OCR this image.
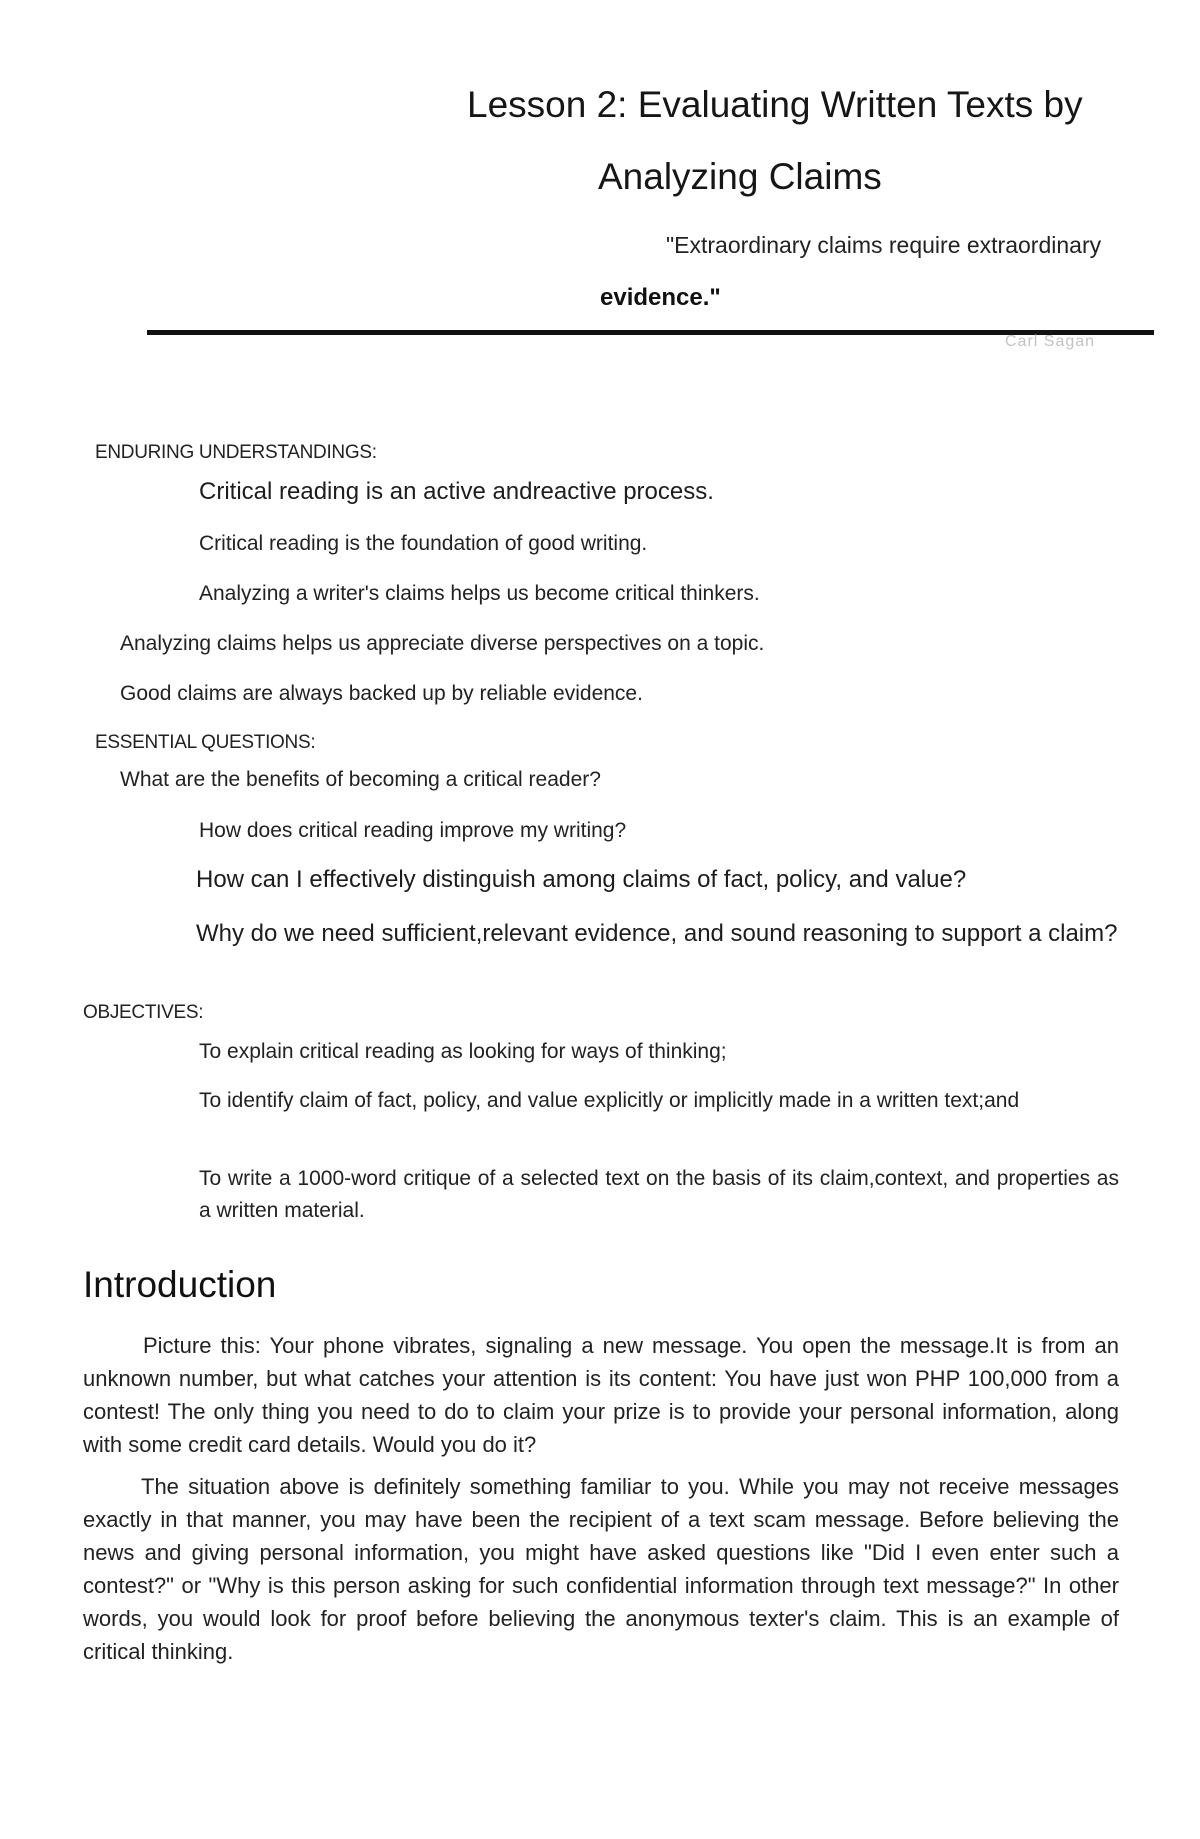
Lesson 2: Evaluating Written Texts by
Analyzing Claims
"Extraordinary claims require extraordinary
evidence."
Carl Sagan
ENDURING UNDERSTANDINGS:
Critical reading is an active andreactive process.
Critical reading is the foundation of good writing.
Analyzing a writer's claims helps us become critical thinkers.
Analyzing claims helps us appreciate diverse perspectives on a topic.
Good claims are always backed up by reliable evidence.
ESSENTIAL QUESTIONS:
What are the benefits of becoming a critical reader?
How does critical reading improve my writing?
How can I effectively distinguish among claims of fact, policy, and value?
Why do we need sufficient,relevant evidence, and sound reasoning to support a claim?
OBJECTIVES:
To explain critical reading as looking for ways of thinking;
To identify claim of fact, policy, and value explicitly or implicitly made in a written text;and
To write a 1000-word critique of a selected text on the basis of its claim,context, and properties as a written material.
Introduction
Picture this: Your phone vibrates, signaling a new message. You open the message.It is from an unknown number, but what catches your attention is its content: You have just won PHP 100,000 from a contest! The only thing you need to do to claim your prize is to provide your personal information, along with some credit card details. Would you do it?
The situation above is definitely something familiar to you. While you may not receive messages exactly in that manner, you may have been the recipient of a text scam message. Before believing the news and giving personal information, you might have asked questions like "Did I even enter such a contest?" or "Why is this person asking for such confidential information through text message?" In other words, you would look for proof before believing the anonymous texter's claim. This is an example of critical thinking.
